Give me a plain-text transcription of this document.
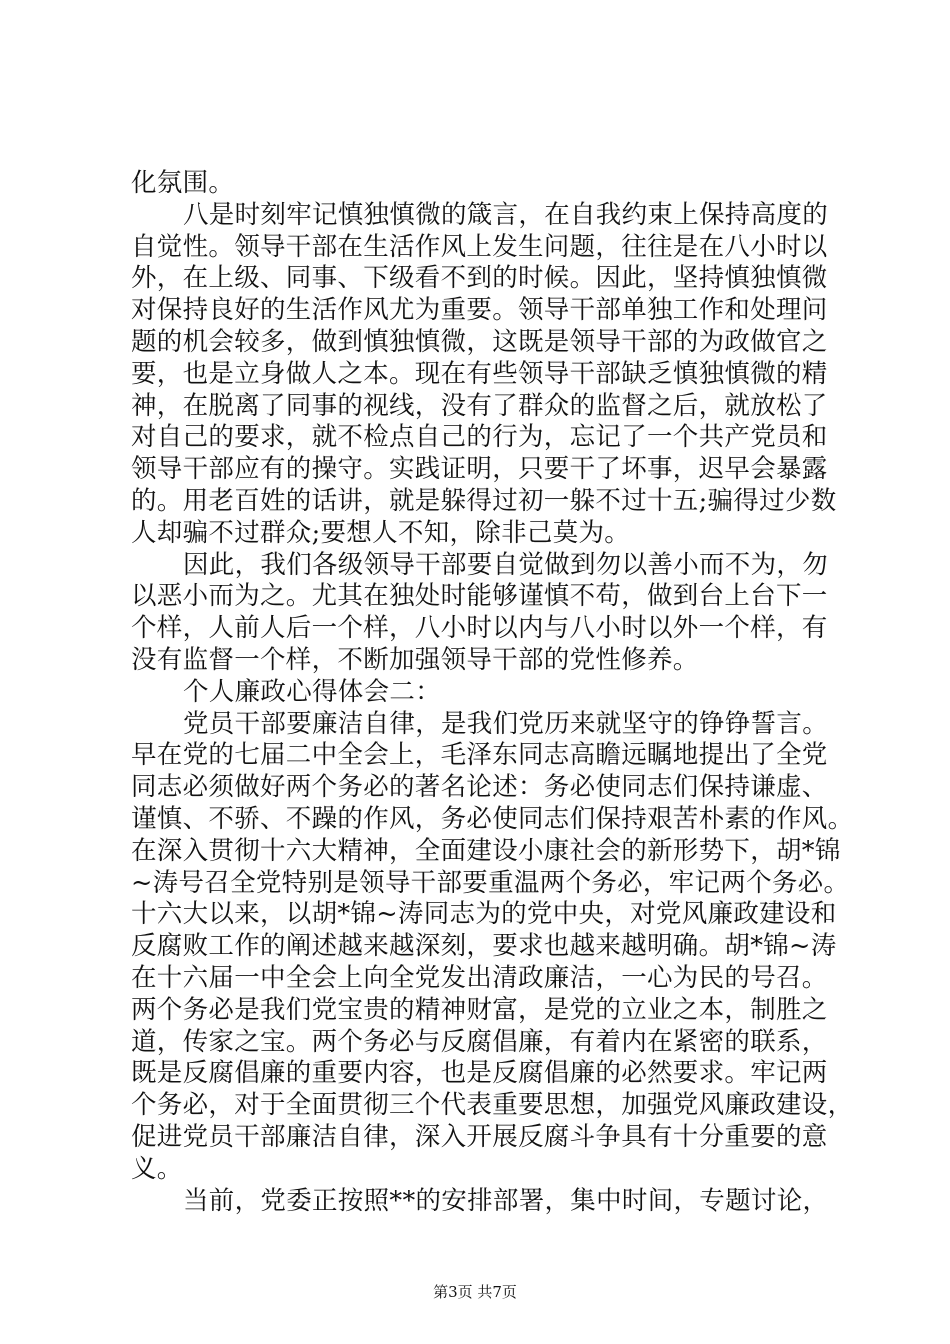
化氛围。
八是时刻牢记慎独慎微的箴言，在自我约束上保持高度的
自觉性。领导干部在生活作风上发生问题，往往是在八小时以
外，在上级、同事、下级看不到的时候。因此，坚持慎独慎微
对保持良好的生活作风尤为重要。领导干部单独工作和处理问
题的机会较多，做到慎独慎微，这既是领导干部的为政做官之
要，也是立身做人之本。现在有些领导干部缺乏慎独慎微的精
神，在脱离了同事的视线，没有了群众的监督之后，就放松了
对自己的要求，就不检点自己的行为，忘记了一个共产党员和
领导干部应有的操守。实践证明，只要干了坏事，迟早会暴露
的。用老百姓的话讲，就是躲得过初一躲不过十五;骗得过少数
人却骗不过群众;要想人不知，除非己莫为。
因此，我们各级领导干部要自觉做到勿以善小而不为，勿
以恶小而为之。尤其在独处时能够谨慎不苟，做到台上台下一
个样，人前人后一个样，八小时以内与八小时以外一个样，有
没有监督一个样，不断加强领导干部的党性修养。
个人廉政心得体会二：
党员干部要廉洁自律，是我们党历来就坚守的铮铮誓言。
早在党的七届二中全会上，毛泽东同志高瞻远瞩地提出了全党
同志必须做好两个务必的著名论述：务必使同志们保持谦虚、
谨慎、不骄、不躁的作风，务必使同志们保持艰苦朴素的作风。
在深入贯彻十六大精神，全面建设小康社会的新形势下，胡*锦
~涛号召全党特别是领导干部要重温两个务必，牢记两个务必。
十六大以来，以胡*锦~涛同志为的党中央，对党风廉政建设和
反腐败工作的阐述越来越深刻，要求也越来越明确。胡*锦~涛
在十六届一中全会上向全党发出清政廉洁，一心为民的号召。
两个务必是我们党宝贵的精神财富，是党的立业之本，制胜之
道，传家之宝。两个务必与反腐倡廉，有着内在紧密的联系，
既是反腐倡廉的重要内容，也是反腐倡廉的必然要求。牢记两
个务必，对于全面贯彻三个代表重要思想，加强党风廉政建设，
促进党员干部廉洁自律，深入开展反腐斗争具有十分重要的意
义。
当前，党委正按照**的安排部署，集中时间，专题讨论，
第3页 共7页
